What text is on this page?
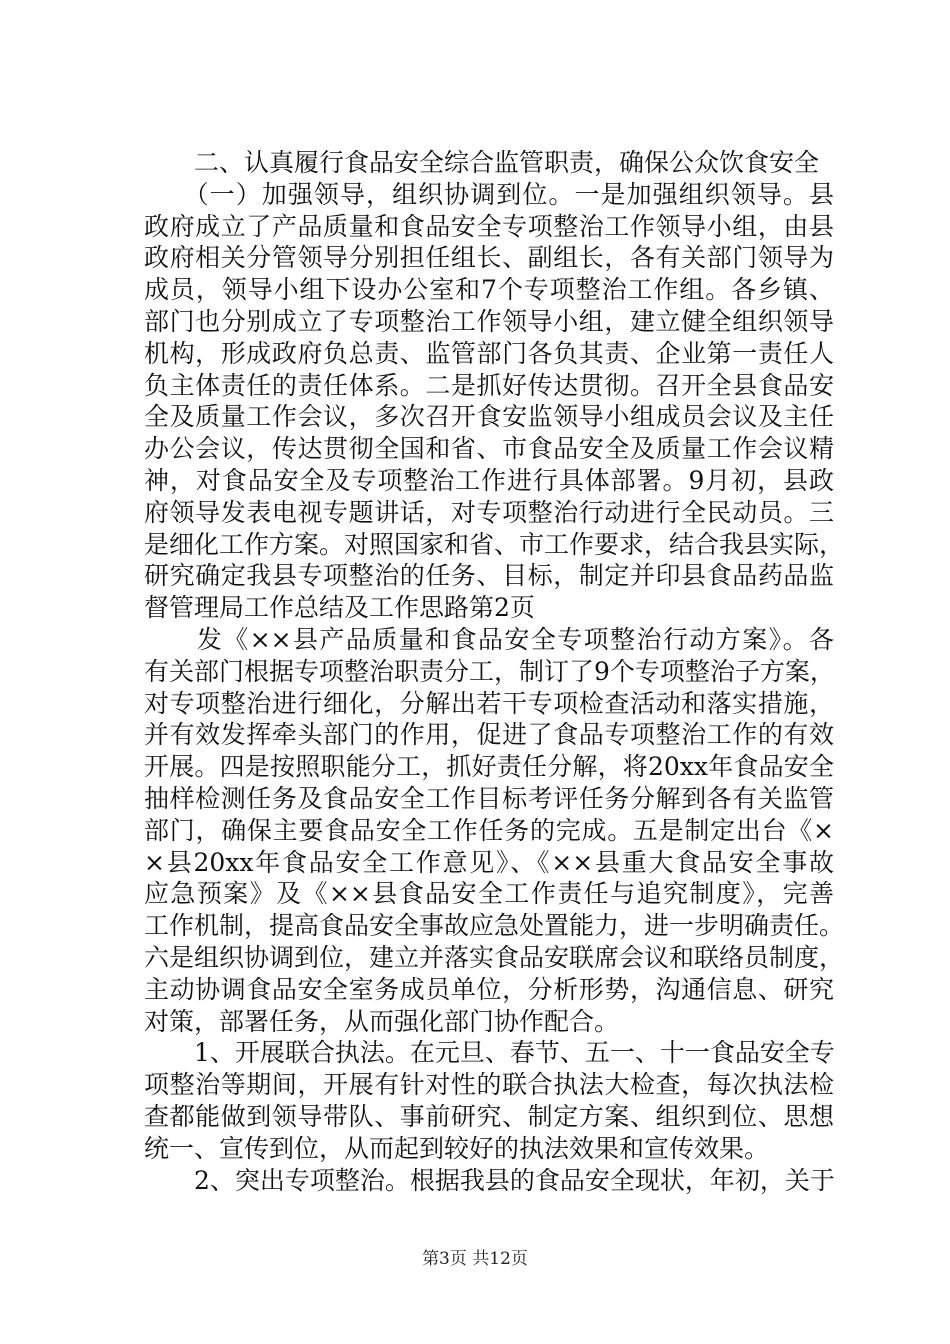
　　二、认真履行食品安全综合监管职责，确保公众饮食安全
　　（一）加强领导，组织协调到位。一是加强组织领导。县
政府成立了产品质量和食品安全专项整治工作领导小组，由县
政府相关分管领导分别担任组长、副组长，各有关部门领导为
成员，领导小组下设办公室和7个专项整治工作组。各乡镇、
部门也分别成立了专项整治工作领导小组，建立健全组织领导
机构，形成政府负总责、监管部门各负其责、企业第一责任人
负主体责任的责任体系。二是抓好传达贯彻。召开全县食品安
全及质量工作会议，多次召开食安监领导小组成员会议及主任
办公会议，传达贯彻全国和省、市食品安全及质量工作会议精
神，对食品安全及专项整治工作进行具体部署。9月初，县政
府领导发表电视专题讲话，对专项整治行动进行全民动员。三
是细化工作方案。对照国家和省、市工作要求，结合我县实际，
研究确定我县专项整治的任务、目标，制定并印县食品药品监
督管理局工作总结及工作思路第2页
　　发《××县产品质量和食品安全专项整治行动方案》。各
有关部门根据专项整治职责分工，制订了9个专项整治子方案，
对专项整治进行细化，分解出若干专项检查活动和落实措施，
并有效发挥牵头部门的作用，促进了食品专项整治工作的有效
开展。四是按照职能分工，抓好责任分解，将20xx年食品安全
抽样检测任务及食品安全工作目标考评任务分解到各有关监管
部门，确保主要食品安全工作任务的完成。五是制定出台《×
×县20xx年食品安全工作意见》、《××县重大食品安全事故
应急预案》及《××县食品安全工作责任与追究制度》，完善
工作机制，提高食品安全事故应急处置能力，进一步明确责任。
六是组织协调到位，建立并落实食品安联席会议和联络员制度，
主动协调食品安全室务成员单位，分析形势，沟通信息、研究
对策，部署任务，从而强化部门协作配合。
　　1、开展联合执法。在元旦、春节、五一、十一食品安全专
项整治等期间，开展有针对性的联合执法大检查，每次执法检
查都能做到领导带队、事前研究、制定方案、组织到位、思想
统一、宣传到位，从而起到较好的执法效果和宣传效果。
　　2、突出专项整治。根据我县的食品安全现状，年初，关于
第3页 共12页
